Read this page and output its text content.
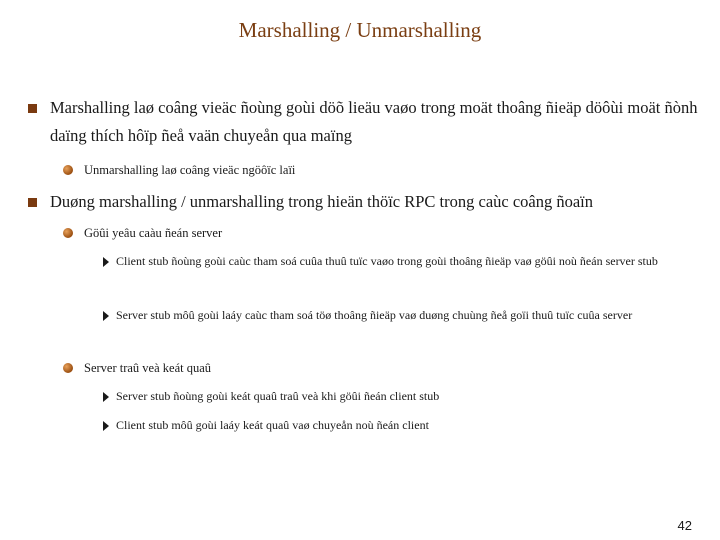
Marshalling / Unmarshalling
Marshalling laø coâng vieäc ñoùng goùi döõ lieäu vaøo trong moät thoâng ñieäp döôùi moät ñònh daïng thích hôïp ñeå vaän chuyeån qua maïng
Unmarshalling laø coâng vieäc ngöôïc laïi
Duøng marshalling / unmarshalling trong hieän thöïc RPC trong caùc coâng ñoaïn
Göûi yeâu caàu ñeán server
Client stub ñoùng goùi caùc tham soá cuûa thuû tuïc vaøo trong goùi thoâng ñieäp vaø göûi noù ñeán server stub
Server stub môû goùi laáy caùc tham soá töø thoâng ñieäp vaø duøng chuùng ñeå goïi thuû tuïc cuûa server
Server traû veà keát quaû
Server stub ñoùng goùi keát quaû traû veà khi göûi ñeán client stub
Client stub môû goùi laáy keát quaû vaø chuyeån noù ñeán client
42
